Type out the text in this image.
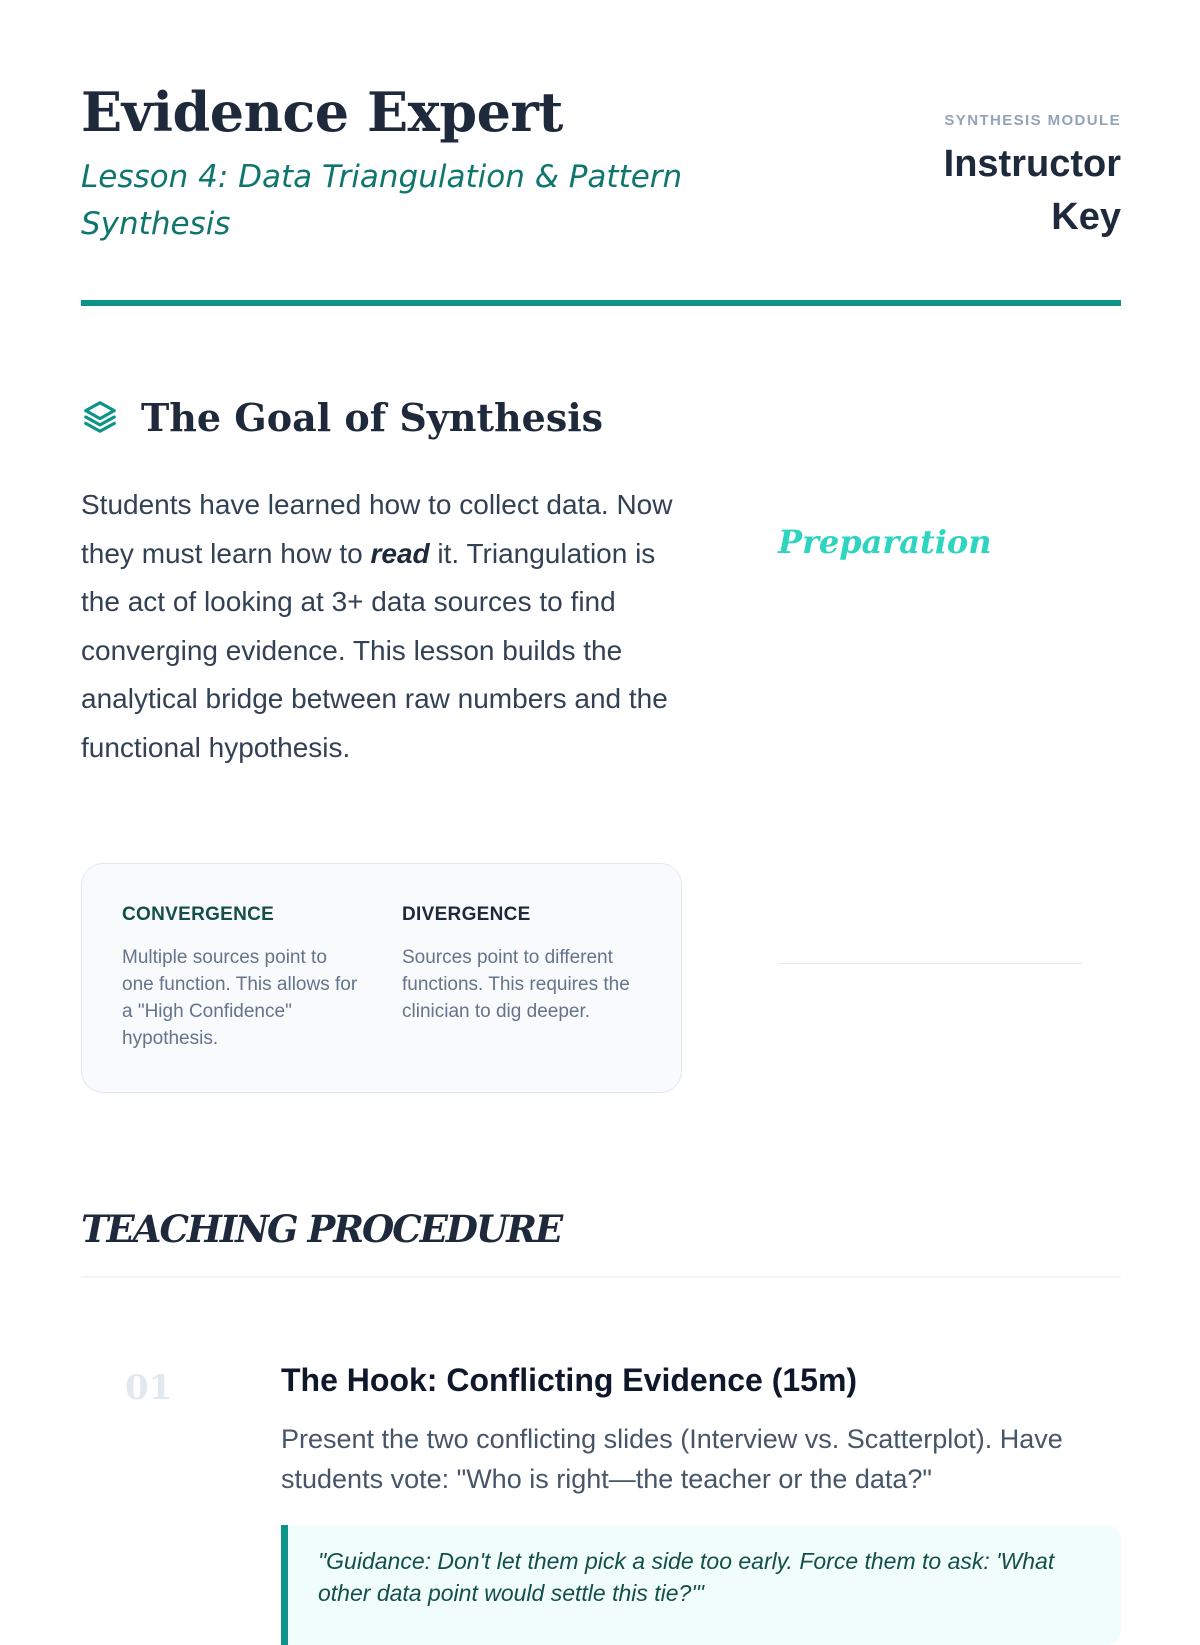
Evidence Expert

Lesson 4: Data Triangulation & Pattern Synthesis

SYNTHESIS MODULE

Instructor Key

The Goal of Synthesis

Students have learned how to collect data. Now they must learn how to read it. Triangulation is the act of looking at 3+ data sources to find converging evidence. This lesson builds the analytical bridge between raw numbers and the functional hypothesis.

Preparation

CONVERGENCE

Multiple sources point to one function. This allows for a "High Confidence" hypothesis.

DIVERGENCE

Sources point to different functions. This requires the clinician to dig deeper.

TEACHING PROCEDURE

01	The Hook: Conflicting Evidence (15m)

Present the two conflicting slides (Interview vs. Scatterplot). Have students vote: "Who is right—the teacher or the data?"

"Guidance: Don't let them pick a side too early. Force them to ask: 'What other data point would settle this tie?'"
